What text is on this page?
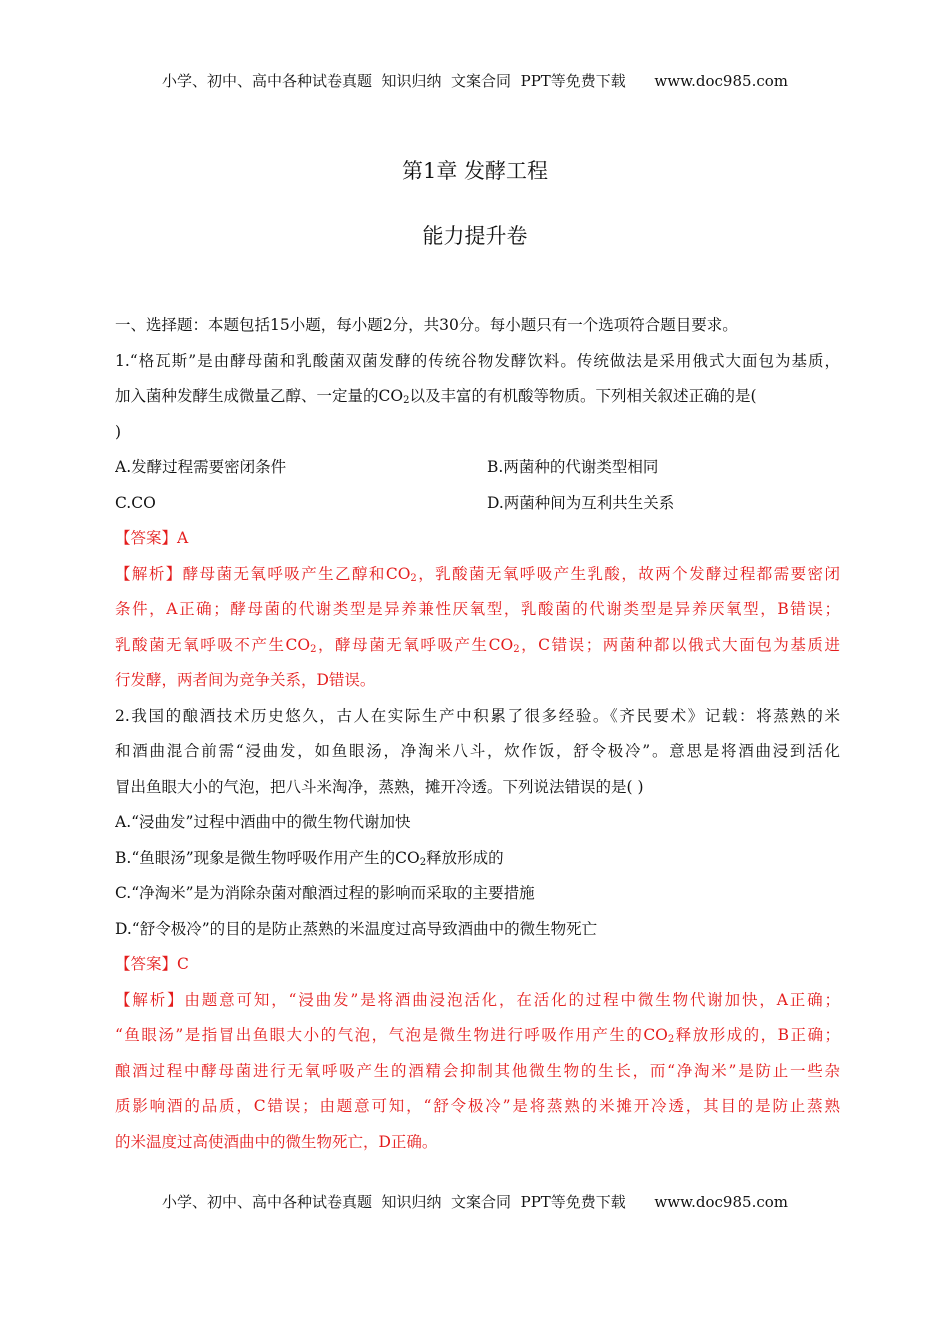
小学、初中、高中各种试卷真题  知识归纳  文案合同  PPT等免费下载      www.doc985.com
第1章 发酵工程
能力提升卷
一、选择题：本题包括15小题，每小题2分，共30分。每小题只有一个选项符合题目要求。
1.“格瓦斯”是由酵母菌和乳酸菌双菌发酵的传统谷物发酵饮料。传统做法是采用俄式大面包为基质，
加入菌种发酵生成微量乙醇、一定量的$CO_2$以及丰富的有机酸等物质。下列相关叙述正确的是(
)
A.发酵过程需要密闭条件	B.两菌种的代谢类型相同
C.CO	D.两菌种间为互利共生关系
【答案】A
【解析】酵母菌无氧呼吸产生乙醇和$CO_2$，乳酸菌无氧呼吸产生乳酸，故两个发酵过程都需要密闭
条件，A正确；酵母菌的代谢类型是异养兼性厌氧型，乳酸菌的代谢类型是异养厌氧型，B错误；
乳酸菌无氧呼吸不产生$CO_2$，酵母菌无氧呼吸产生$CO_2$，C错误；两菌种都以俄式大面包为基质进
行发酵，两者间为竞争关系，D错误。
2.我国的酿酒技术历史悠久，古人在实际生产中积累了很多经验。《齐民要术》记载：将蒸熟的米
和酒曲混合前需“浸曲发，如鱼眼汤，净淘米八斗，炊作饭，舒令极冷”。意思是将酒曲浸到活化
冒出鱼眼大小的气泡，把八斗米淘净，蒸熟，摊开冷透。下列说法错误的是( )
A.“浸曲发”过程中酒曲中的微生物代谢加快
B.“鱼眼汤”现象是微生物呼吸作用产生的$CO_2$释放形成的
C.“净淘米”是为消除杂菌对酿酒过程的影响而采取的主要措施
D.“舒令极冷”的目的是防止蒸熟的米温度过高导致酒曲中的微生物死亡
【答案】C
【解析】由题意可知，“浸曲发”是将酒曲浸泡活化，在活化的过程中微生物代谢加快，A正确；
“鱼眼汤”是指冒出鱼眼大小的气泡，气泡是微生物进行呼吸作用产生的$CO_2$释放形成的，B正确；
酿酒过程中酵母菌进行无氧呼吸产生的酒精会抑制其他微生物的生长，而“净淘米”是防止一些杂
质影响酒的品质，C错误；由题意可知，“舒令极冷”是将蒸熟的米摊开冷透，其目的是防止蒸熟
的米温度过高使酒曲中的微生物死亡，D正确。
小学、初中、高中各种试卷真题  知识归纳  文案合同  PPT等免费下载      www.doc985.com
